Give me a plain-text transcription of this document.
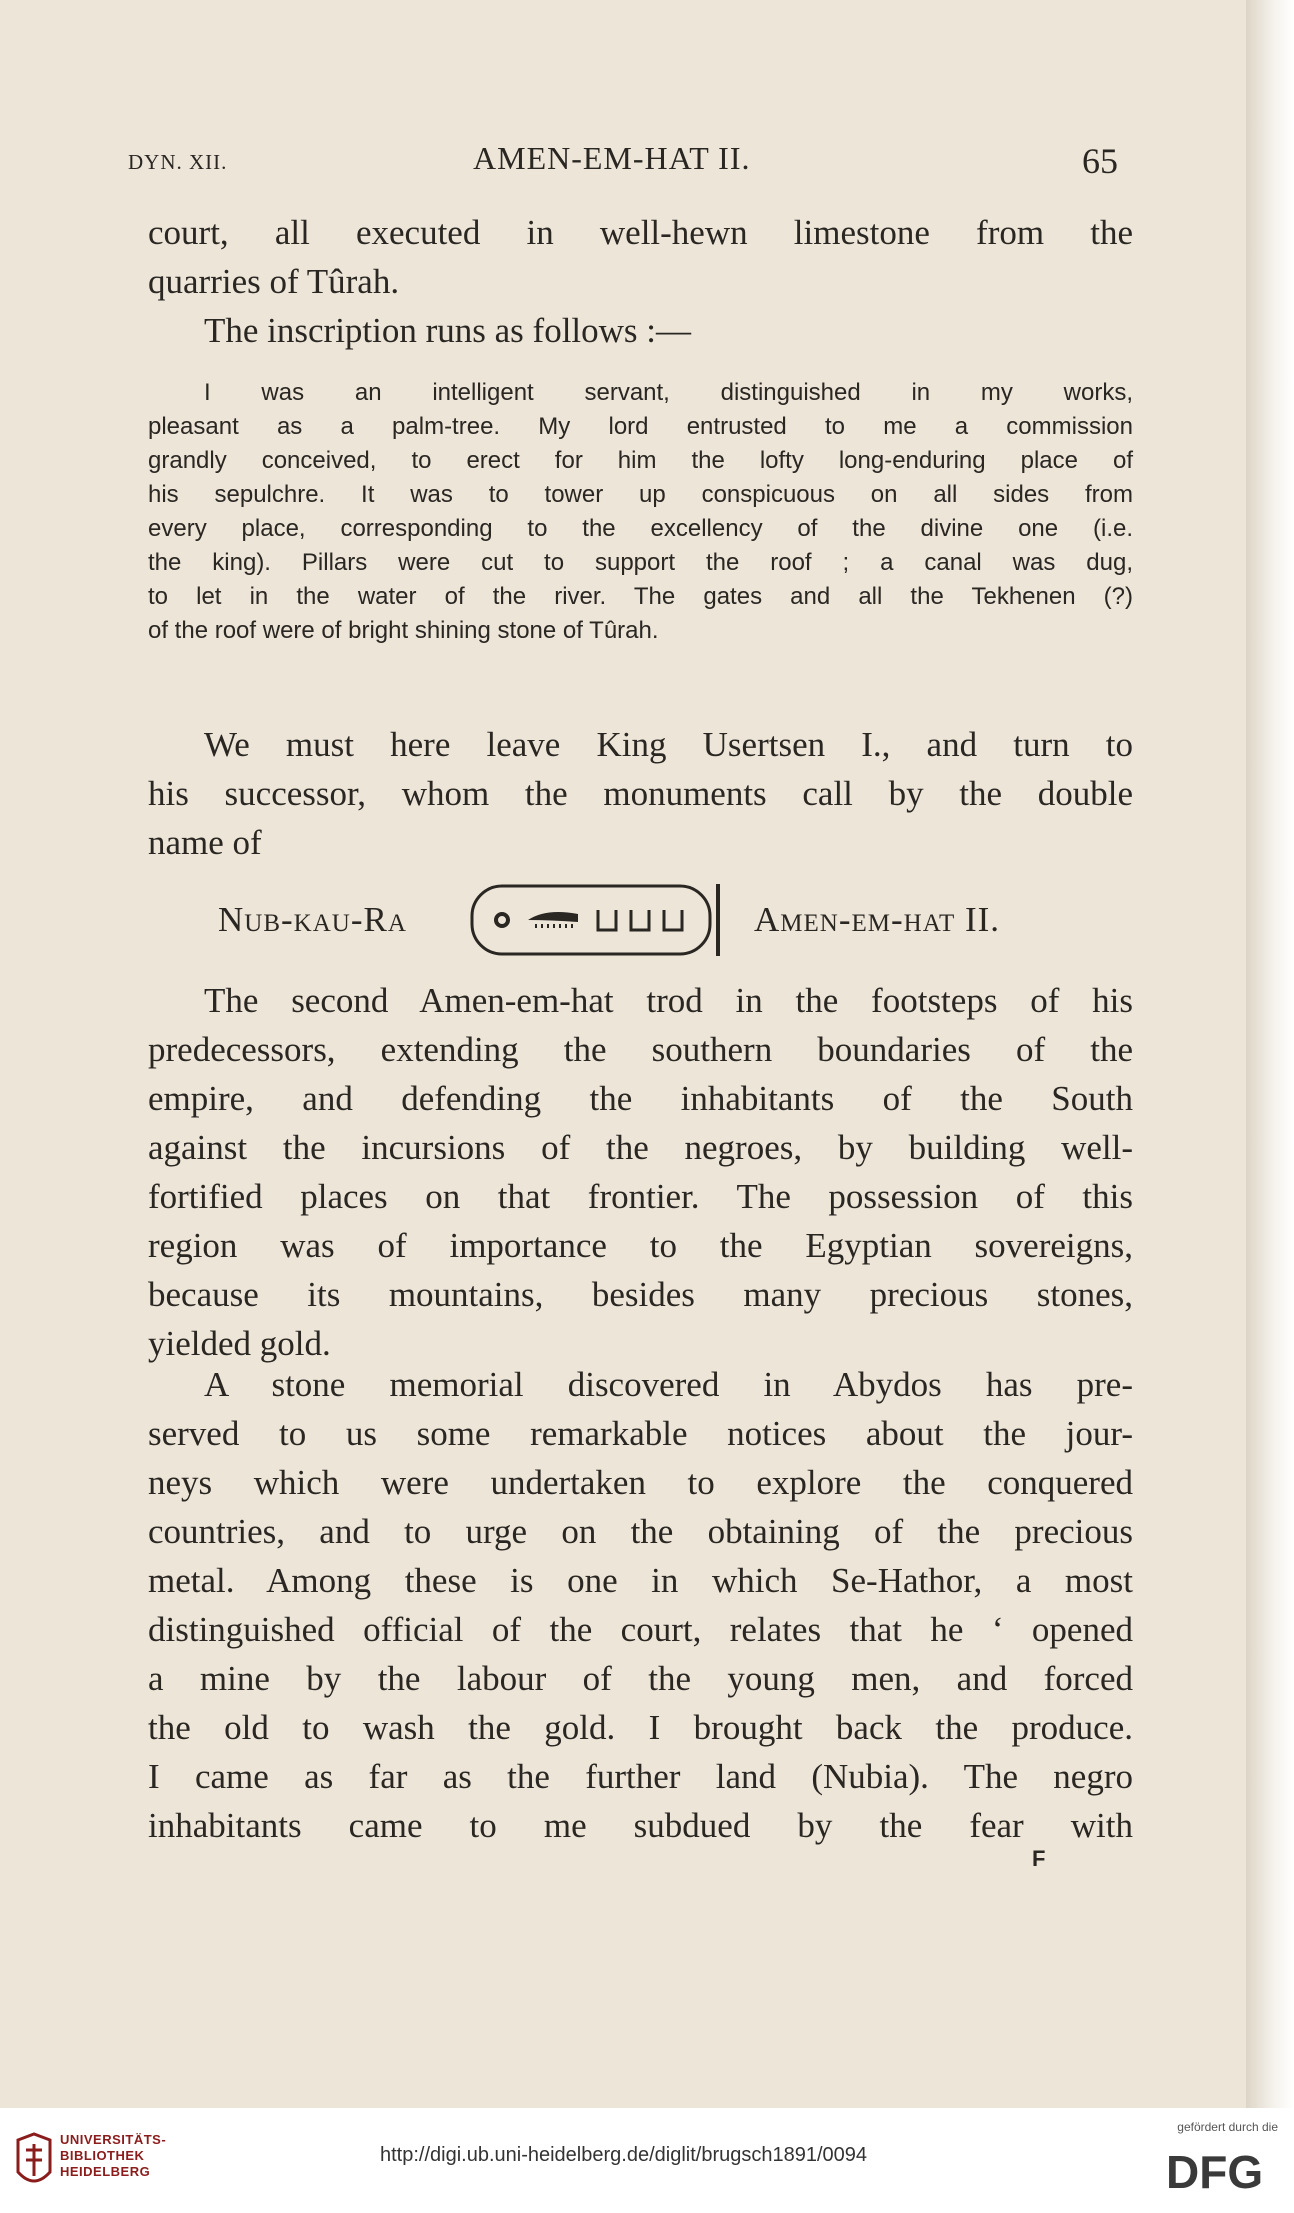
DYN. XII.	AMEN-EM-HAT II.	65
court, all executed in well-hewn limestone from the
quarries of Tûrah.
The inscription runs as follows :—
I was an intelligent servant, distinguished in my works,
pleasant as a palm-tree. My lord entrusted to me a commission
grandly conceived, to erect for him the lofty long-enduring place of
his sepulchre. It was to tower up conspicuous on all sides from
every place, corresponding to the excellency of the divine one (i.e.
the king). Pillars were cut to support the roof ; a canal was dug,
to let in the water of the river. The gates and all the Tekhenen (?)
of the roof were of bright shining stone of Tûrah.
We must here leave King Usertsen I., and turn to
his successor, whom the monuments call by the double
name of
Nub-kau-Ra	Amen-em-hat II.
The second Amen-em-hat trod in the footsteps of his
predecessors, extending the southern boundaries of the
empire, and defending the inhabitants of the South
against the incursions of the negroes, by building well-
fortified places on that frontier. The possession of this
region was of importance to the Egyptian sovereigns,
because its mountains, besides many precious stones,
yielded gold.
A stone memorial discovered in Abydos has pre-
served to us some remarkable notices about the jour-
neys which were undertaken to explore the conquered
countries, and to urge on the obtaining of the precious
metal. Among these is one in which Se-Hathor, a most
distinguished official of the court, relates that he ‘ opened
a mine by the labour of the young men, and forced
the old to wash the gold. I brought back the produce.
I came as far as the further land (Nubia). The negro
inhabitants came to me subdued by the fear with
F
UNIVERSITÄTS-
BIBLIOTHEK
HEIDELBERG
http://digi.ub.uni-heidelberg.de/diglit/brugsch1891/0094
gefördert durch die
DFG
